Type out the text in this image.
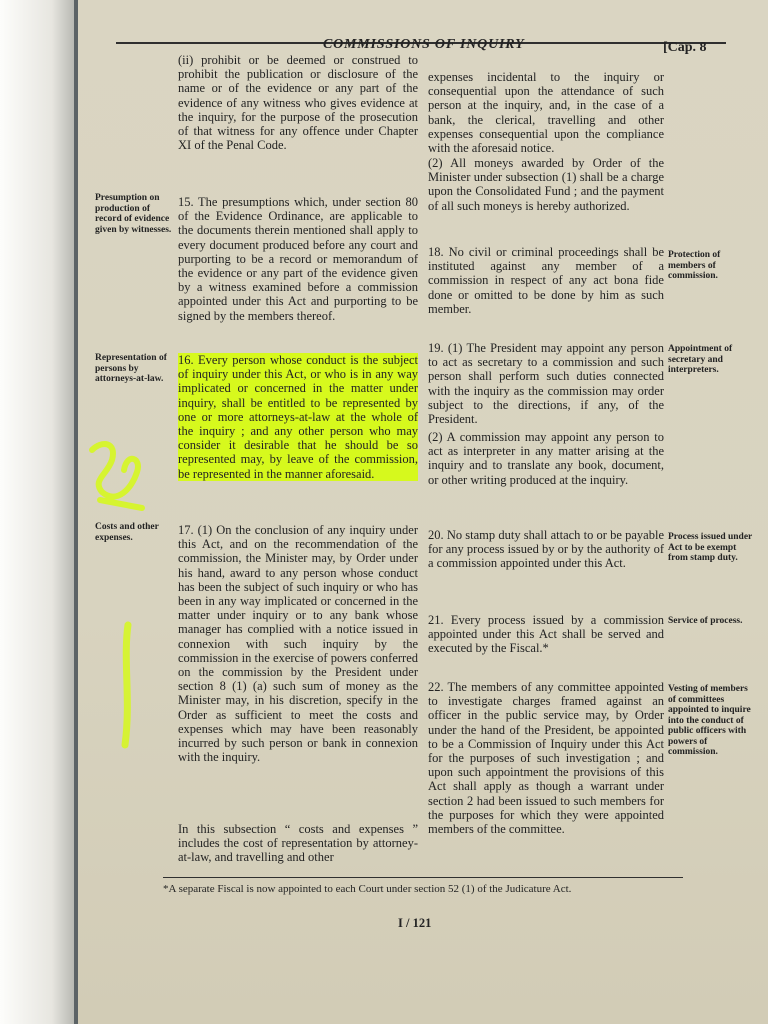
COMMISSIONS OF INQUIRY	[Cap. 8

(ii) prohibit or be deemed or construed to prohibit the publication or disclosure of the name or of the evidence or any part of the evidence of any witness who gives evidence at the inquiry, for the purpose of the prosecution of that witness for any offence under Chapter XI of the Penal Code.

15. The presumptions which, under section 80 of the Evidence Ordinance, are applicable to the documents therein mentioned shall apply to every document produced before any court and purporting to be a record or memorandum of the evidence or any part of the evidence given by a witness examined before a commission appointed under this Act and purporting to be signed by the members thereof.

16. Every person whose conduct is the subject of inquiry under this Act, or who is in any way implicated or concerned in the matter under inquiry, shall be entitled to be represented by one or more attorneys-at-law at the whole of the inquiry ; and any other person who may consider it desirable that he should be so represented may, by leave of the commission, be represented in the manner aforesaid.

17. (1) On the conclusion of any inquiry under this Act, and on the recommendation of the commission, the Minister may, by Order under his hand, award to any person whose conduct has been the subject of such inquiry or who has been in any way implicated or concerned in the matter under inquiry or to any bank whose manager has complied with a notice issued in connexion with such inquiry by the commission in the exercise of powers conferred on the commission by the President under section 8 (1) (a) such sum of money as the Minister may, in his discretion, specify in the Order as sufficient to meet the costs and expenses which may have been reasonably incurred by such person or bank in connexion with the inquiry.

In this subsection “ costs and expenses ” includes the cost of representation by attorney-at-law, and travelling and other

expenses incidental to the inquiry or consequential upon the attendance of such person at the inquiry, and, in the case of a bank, the clerical, travelling and other expenses consequential upon the compliance with the aforesaid notice.

(2) All moneys awarded by Order of the Minister under subsection (1) shall be a charge upon the Consolidated Fund ; and the payment of all such moneys is hereby authorized.

18. No civil or criminal proceedings shall be instituted against any member of a commission in respect of any act bona fide done or omitted to be done by him as such member.

19. (1) The President may appoint any person to act as secretary to a commission and such person shall perform such duties connected with the inquiry as the commission may order subject to the directions, if any, of the President.

(2) A commission may appoint any person to act as interpreter in any matter arising at the inquiry and to translate any book, document, or other writing produced at the inquiry.

20. No stamp duty shall attach to or be payable for any process issued by or by the authority of a commission appointed under this Act.

21. Every process issued by a commission appointed under this Act shall be served and executed by the Fiscal.*

22. The members of any committee appointed to investigate charges framed against an officer in the public service may, by Order under the hand of the President, be appointed to be a Commission of Inquiry under this Act for the purposes of such investigation ; and upon such appointment the provisions of this Act shall apply as though a warrant under section 2 had been issued to such members for the purposes for which they were appointed members of the committee.

Presumption on production of record of evidence given by witnesses.
Representation of persons by attorneys-at-law.
Costs and other expenses.
Protection of members of commission.
Appointment of secretary and interpreters.
Process issued under Act to be exempt from stamp duty.
Service of process.
Vesting of members of committees appointed to inquire into the conduct of public officers with powers of commission.
*A separate Fiscal is now appointed to each Court under section 52 (1) of the Judicature Act.
I / 121
